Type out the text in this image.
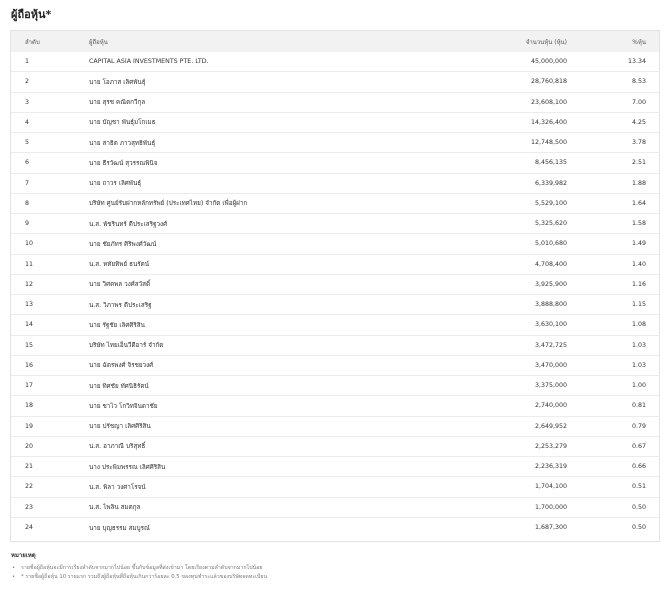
ผู้ถือหุ้น*
ลำดับ	ผู้ถือหุ้น	จำนวนหุ้น (หุ้น)	%หุ้น
1	CAPITAL ASIA INVESTMENTS PTE. LTD.	45,000,000	13.34
2	นาย โอภาส เลิศพันธุ์	28,760,818	8.53
3	นาย สุรช คณิตกวีกุล	23,608,100	7.00
4	นาย บัญชา พันธุ์มโกเมธ	14,326,400	4.25
5	นาย สาธิต ภาวสุทธิพันธุ์	12,748,500	3.78
6	นาย ธีรวัฒน์ สุวรรณพินิจ	8,456,135	2.51
7	นาย ถาวร เลิศพันธุ์	6,339,982	1.88
8	บริษัท ศูนย์รับฝากหลักทรัพย์ (ประเทศไทย) จำกัด เพื่อผู้ฝาก	5,529,100	1.64
9	น.ส. พัชรินทร์ ตีประเสริฐวงศ์	5,325,620	1.58
10	นาย ชัยภัทร ศิริพงศ์วัฒน์	5,010,680	1.49
11	น.ส. หทัยทิพย์ ธนรัตน์	4,708,400	1.40
12	นาย วิศตพล วงศ์สวัสดิ์	3,925,900	1.16
13	น.ส. วิภาพร ตีประเสริฐ	3,888,800	1.15
14	นาย รัฐชัย เลิศศิริสิน	3,630,100	1.08
15	บริษัท ไทยเอ็นวีดีอาร์ จำกัด	3,472,725	1.03
16	นาย ฉัตรพงศ์ จิรชยวงศ์	3,470,000	1.03
17	นาย ทิศชัย ทัศนิธิรัตน์	3,375,000	1.00
18	นาย ชาไว โกวิทจินดาชัย	2,740,000	0.81
19	นาย ปรัชญา เลิศศิริสิน	2,649,952	0.79
20	น.ส. อาภาณี บริสุทธิ์	2,253,279	0.67
21	นาง ประพิมพรรณ เลิศศิริสิน	2,236,319	0.66
22	น.ส. พิลา วงศาโรจน์	1,704,100	0.51
23	น.ส. ไพลิน สมตกุล	1,700,000	0.50
24	นาย บุญธรรม สมบูรณ์	1,687,300	0.50
หมายเหตุ
• รายชื่อผู้ถือหุ้นจะมีการเรียงลำดับจากมากไปน้อย ขึ้นกับข้อมูลที่ส่งเข้ามา โดยเรียงตามลำดับจากมากไปน้อย
• * รายชื่อผู้ถือหุ้น 10 รายแรก รวมถึงผู้ถือหุ้นที่ถือหุ้นเกินกว่าร้อยละ 0.5 ของทุนชำระแล้วของบริษัทจดทะเบียน
